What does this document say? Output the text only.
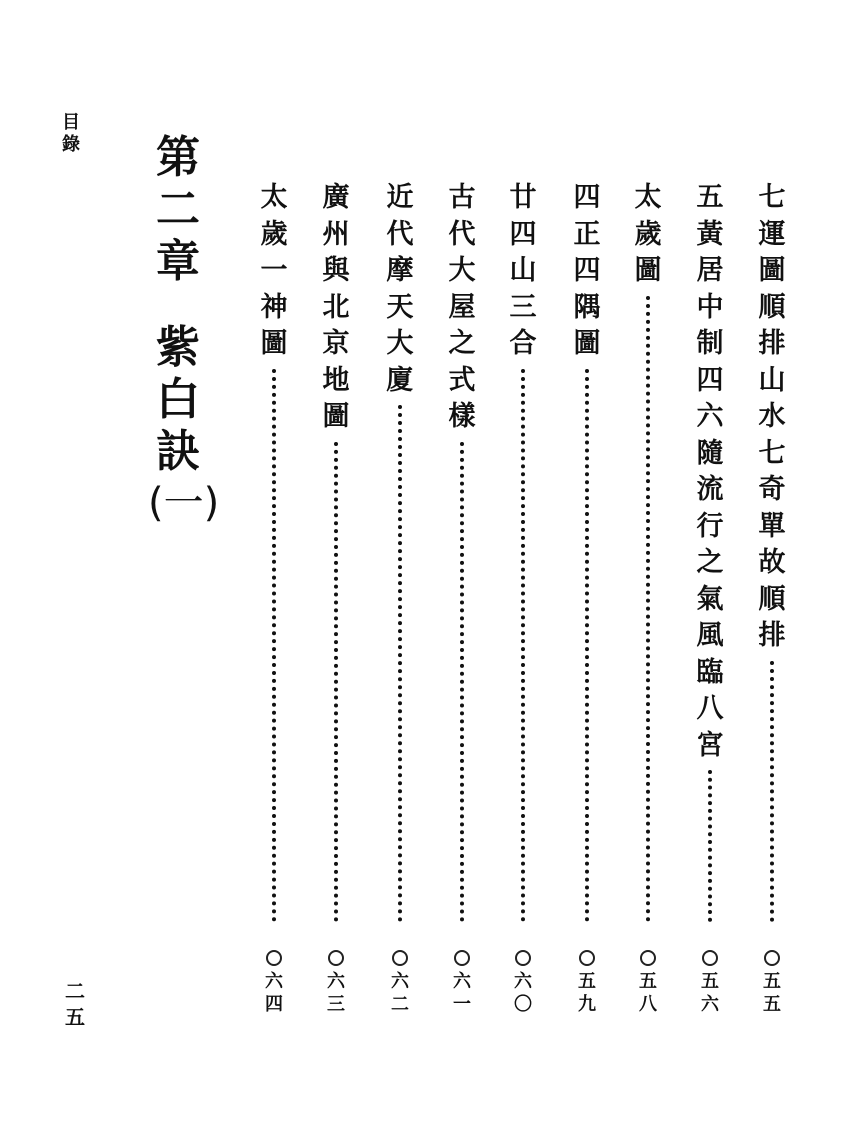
目
錄 第
二
章
紫
白
訣
(一)
七
運
圖
順
排
山
水
七
奇
單
故
順
排
五
五
五
黃
居
中
制
四
六
隨
流
行
之
氣
風
臨
八
宮
五
六
太
歲
圖
五
八
四
正
四
隅
圖
五
九
廿
四
山
三
合
六
〇
古
代
大
屋
之
式
樣
六
一
近
代
摩
天
大
廈
六
二
廣
州
與
北
京
地
圖
六
三
太
歲
一
神
圖
六
四
二
五
